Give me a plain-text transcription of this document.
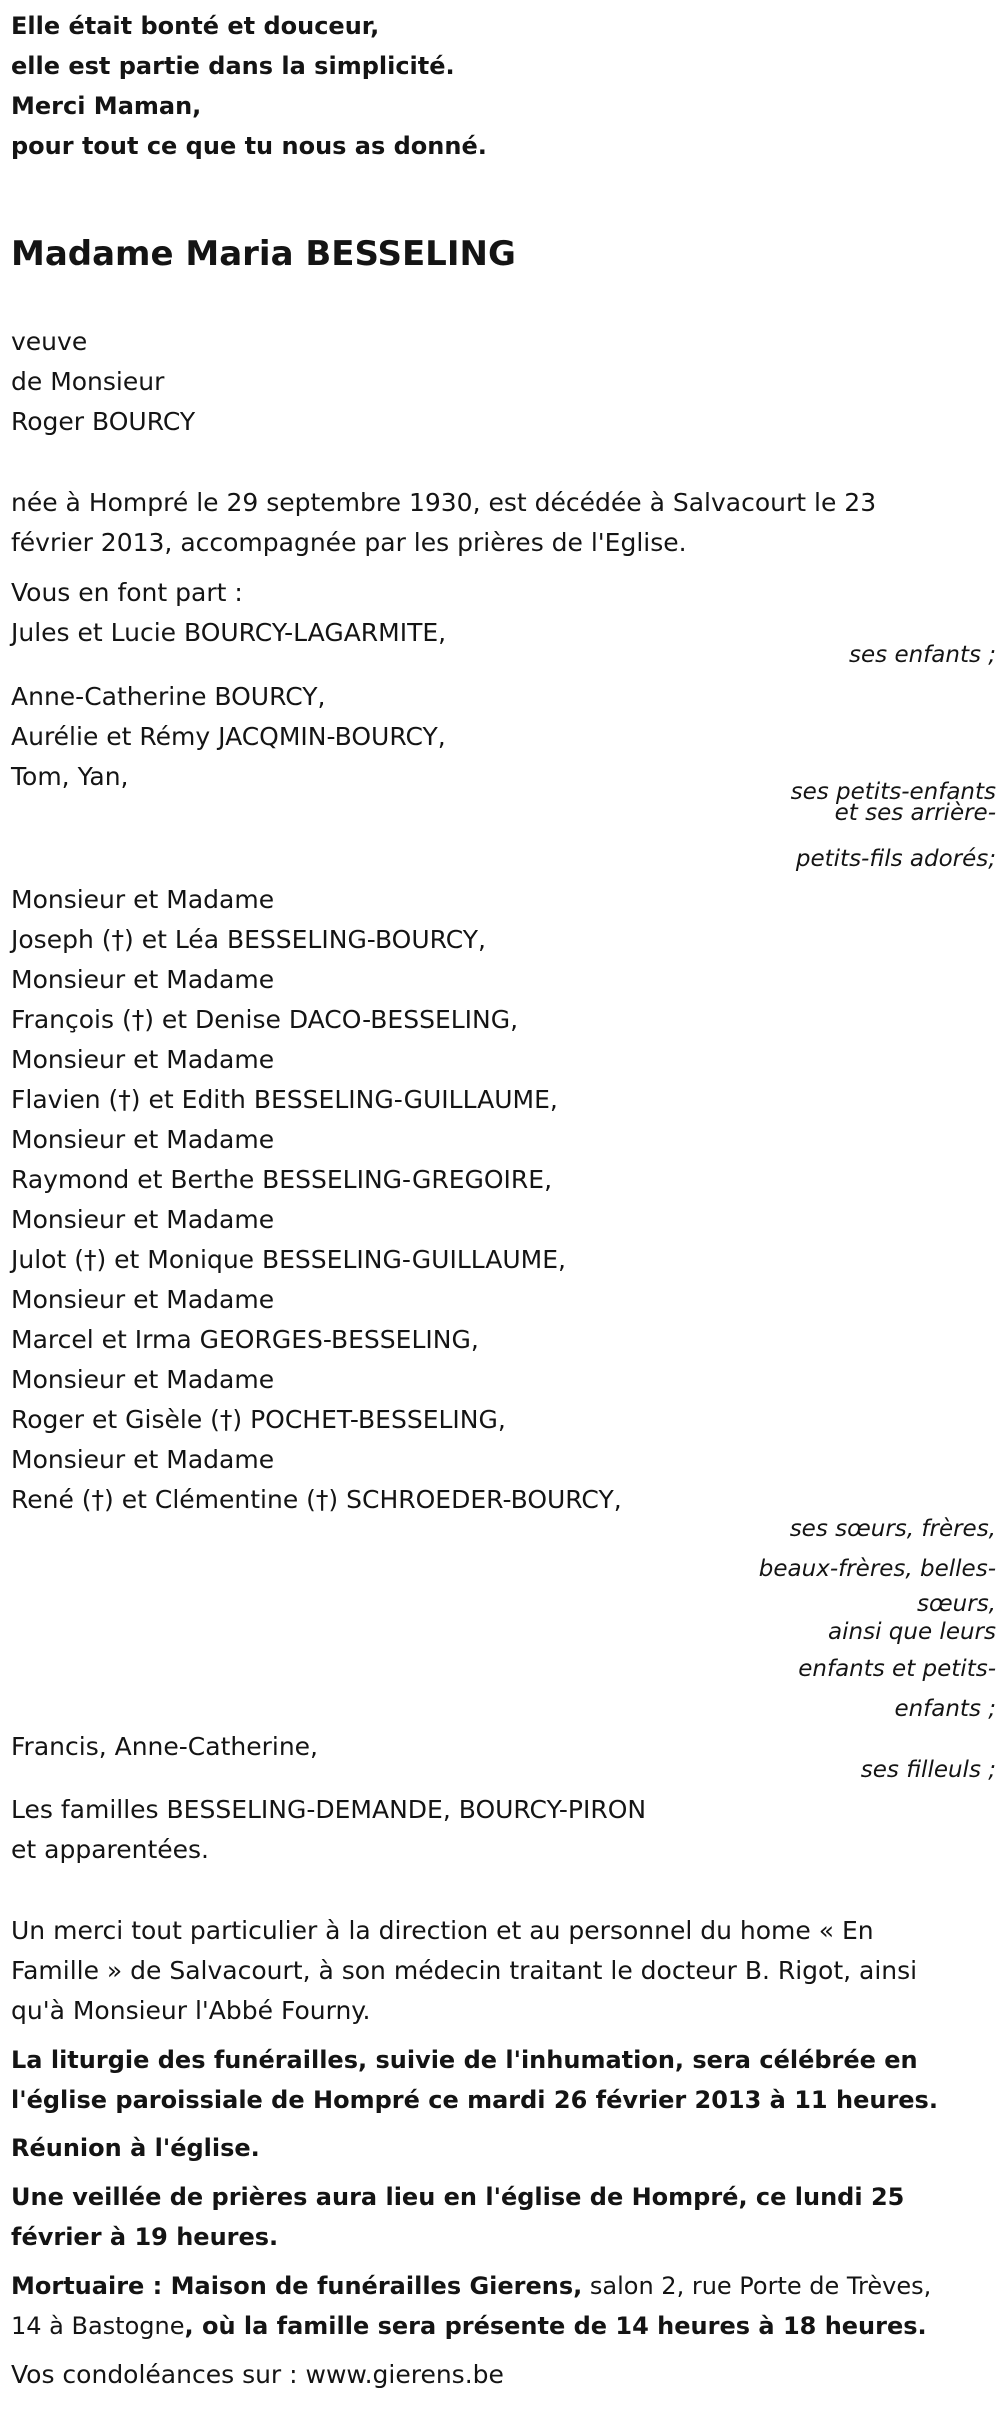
Elle était bonté et douceur,
elle est partie dans la simplicité.
Merci Maman,
pour tout ce que tu nous as donné.
Madame Maria BESSELING
veuve
de Monsieur
Roger BOURCY
née à Hompré le 29 septembre 1930, est décédée à Salvacourt le 23
février 2013, accompagnée par les prières de l'Eglise.
Vous en font part :
Jules et Lucie BOURCY-LAGARMITE,
ses enfants ;
Anne-Catherine BOURCY,
Aurélie et Rémy JACQMIN-BOURCY,
Tom, Yan,
ses petits-enfants
et ses arrière-
petits-fils adorés;
Monsieur et Madame
Joseph (†) et Léa BESSELING-BOURCY,
Monsieur et Madame
François (†) et Denise DACO-BESSELING,
Monsieur et Madame
Flavien (†) et Edith BESSELING-GUILLAUME,
Monsieur et Madame
Raymond et Berthe BESSELING-GREGOIRE,
Monsieur et Madame
Julot (†) et Monique BESSELING-GUILLAUME,
Monsieur et Madame
Marcel et Irma GEORGES-BESSELING,
Monsieur et Madame
Roger et Gisèle (†) POCHET-BESSELING,
Monsieur et Madame
René (†) et Clémentine (†) SCHROEDER-BOURCY,
ses sœurs, frères,
beaux-frères, belles-
sœurs,
ainsi que leurs
enfants et petits-
enfants ;
Francis, Anne-Catherine,
ses filleuls ;
Les familles BESSELING-DEMANDE, BOURCY-PIRON
et apparentées.
Un merci tout particulier à la direction et au personnel du home « En
Famille » de Salvacourt, à son médecin traitant le docteur B. Rigot, ainsi
qu'à Monsieur l'Abbé Fourny.
La liturgie des funérailles, suivie de l'inhumation, sera célébrée en
l'église paroissiale de Hompré ce mardi 26 février 2013 à 11 heures.
Réunion à l'église.
Une veillée de prières aura lieu en l'église de Hompré, ce lundi 25
février à 19 heures.
Mortuaire : Maison de funérailles Gierens, salon 2, rue Porte de Trèves,
14 à Bastogne, où la famille sera présente de 14 heures à 18 heures.
Vos condoléances sur : www.gierens.be
